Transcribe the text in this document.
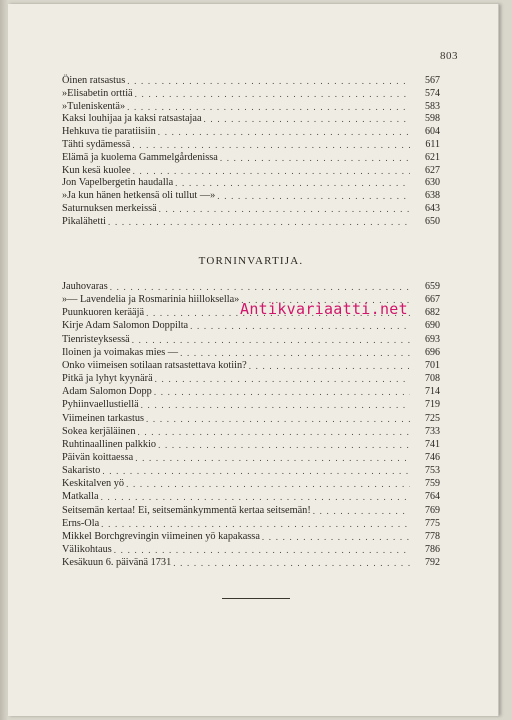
803
Öinen ratsastus . . .	567
»Elisabetin orttiä . . .	574
»Tuleniskentä» . . .	583
Kaksi louhijaa ja kaksi ratsastajaa . . .	598
Hehkuva tie paratiisiin . . .	604
Tähti sydämessä . . .	611
Elämä ja kuolema Gammelgårdenissa . . .	621
Kun kesä kuolee . . .	627
Jon Vapelbergetin haudalla . . .	630
»Ja kun hänen hetkensä oli tullut —» . . .	638
Saturnuksen merkeissä . . .	643
Pikalähetti . . .	650
TORNINVARTIJA.
Jauhovaras . . .	659
»— Lavendelia ja Rosmarinia hiilloksella» . . .	667
Puunkuoren kerääjä . . .	682
Kirje Adam Salomon Doppilta . . .	690
Tienristeyksessä . . .	693
Iloinen ja voimakas mies — . . .	696
Onko viimeisen sotilaan ratsastettava kotiin? . . .	701
Pitkä ja lyhyt kyynärä . . .	708
Adam Salomon Dopp . . .	714
Pyhiinvaellustiellä . . .	719
Viimeinen tarkastus . . .	725
Sokea kerjäläinen . . .	733
Ruhtinaallinen palkkio . . .	741
Päivän koittaessa . . .	746
Sakaristo . . .	753
Keskitalven yö . . .	759
Matkalla . . .	764
Seitsemän kertaa! Ei, seitsemänkymmentä kertaa seitsemän! . . .	769
Erns-Ola . . .	775
Mikkel Borchgrevingin viimeinen yö kapakassa . . .	778
Välikohtaus . . .	786
Kesäkuun 6. päivänä 1731 . . .	792
Antikvariaatti.net
